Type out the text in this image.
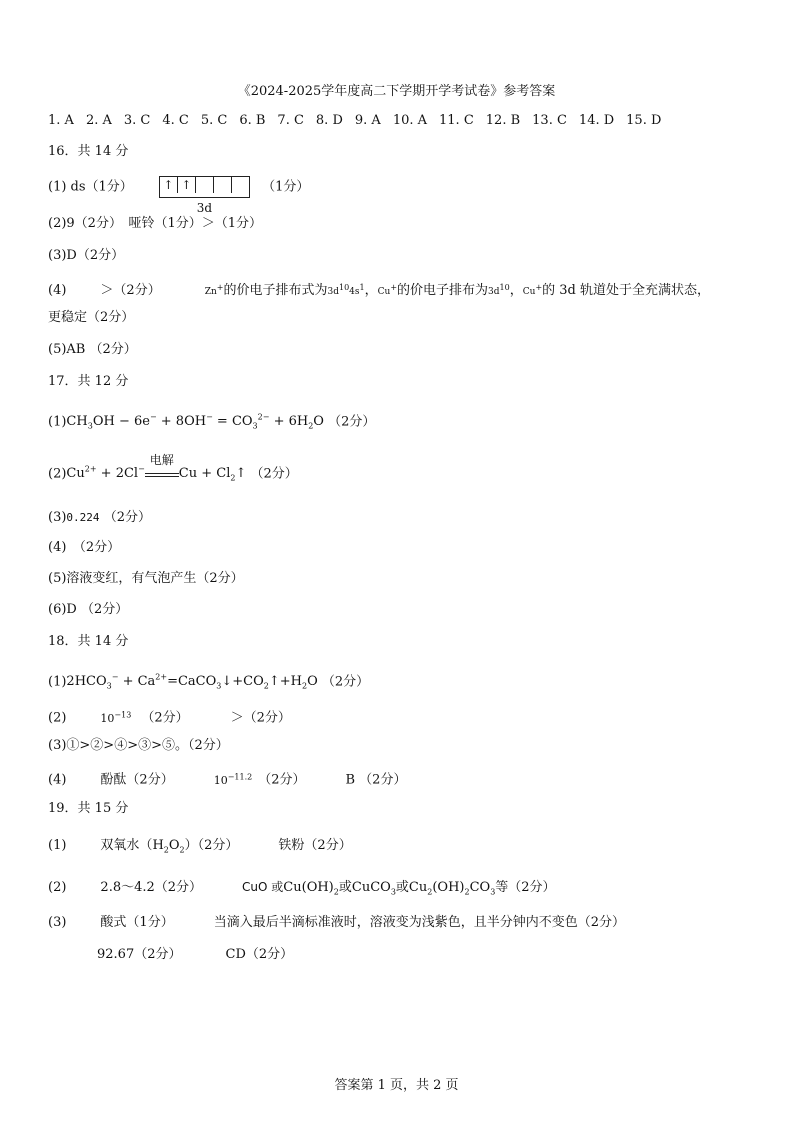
《2024-2025学年度高二下学期开学考试卷》参考答案
1. A 2. A 3. C 4. C 5. C 6. B 7. C 8. D 9. A 10. A 11. C 12. B 13. C 14. D 15. D
16．共 14 分
(1) ds（1分）	↑ ↑
3d
（1分）
(2)9（2分）　哑铃（1分）＞（1分）
(3)D（2分）
(4)	＞（2分）	Zn+的价电子排布式为$3d^{10}4s^1$，Cu+的价电子排布为$3d^{10}$，Cu+的 3d 轨道处于全充满状态，
更稳定（2分）
(5)AB （2分）
17．共 12 分
$(1)CH_3OH - 6e^- + 8OH^- = CO_3^{2-} + 6H_2O$ （2分）
$(2)Cu^{2+} + 2Cl^-$
电解
$Cu + Cl_2↑$ （2分）
(3)0.224 （2分）
(4)　（2分）
(5)溶液变红，有气泡产生（2分）
(6)D （2分）
18．共 14 分
$(1)2HCO_3^-$ + $Ca^{2+}=CaCO_3↓+CO_2↑+H_2O$ （2分）
(2)	$10^{-13}$ （2分）	＞（2分）
(3)①>②>④>③>⑤。（2分）
(4)	酚酞（2分）	$10^{-11.2}$ （2分）	B （2分）
19．共 15 分
(1)	双氧水$(H_2O_2)(2$分）	铁粉（2分）
(2)	2.8～4.2（2分）	CuO 或$Cu(OH)_2$或CuCO$_3$或$Cu_2(OH)_2CO_3$等（2分）
(3)	酸式（1分）	当滴入最后半滴标准液时，溶液变为浅紫色，且半分钟内不变色（2分）
92.67（2分）	CD（2分）
答案第 1 页，共 2 页
